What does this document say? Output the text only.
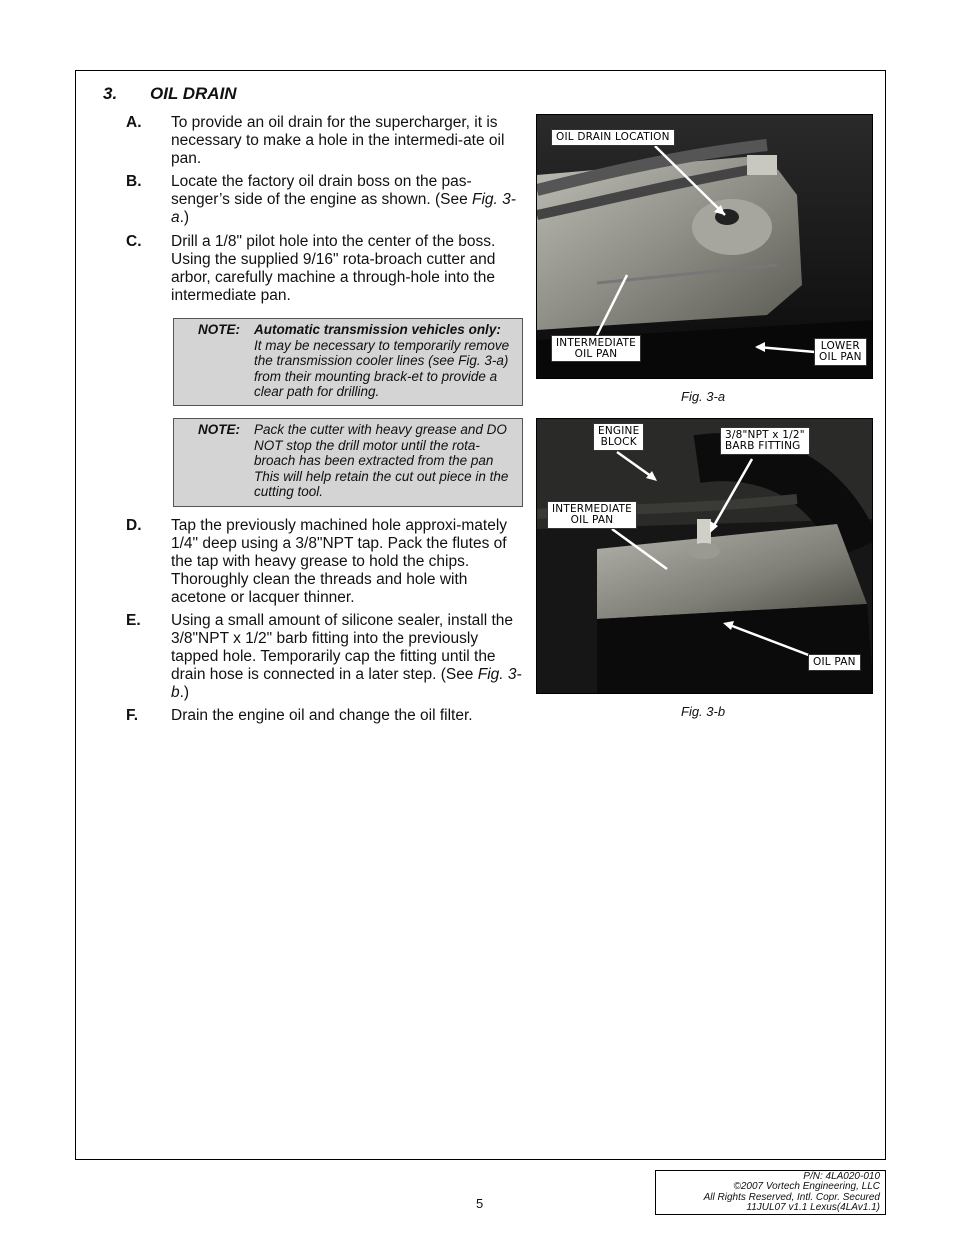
3. OIL DRAIN
A. To provide an oil drain for the supercharger, it is necessary to make a hole in the intermedi-ate oil pan.
B. Locate the factory oil drain boss on the pas-senger’s side of the engine as shown. (See Fig. 3-a.)
C. Drill a 1/8" pilot hole into the center of the boss. Using the supplied 9/16" rota-broach cutter and arbor, carefully machine a through-hole into the intermediate pan.
NOTE: Automatic transmission vehicles only:
It may be necessary to temporarily remove the transmission cooler lines (see Fig. 3-a) from their mounting brack-et to provide a clear path for drilling.
NOTE: Pack the cutter with heavy grease and DO NOT stop the drill motor until the rota-broach has been extracted from the pan This will help retain the cut out piece in the cutting tool.
D. Tap the previously machined hole approxi-mately 1/4" deep using a 3/8"NPT tap. Pack the flutes of the tap with heavy grease to hold the chips. Thoroughly clean the threads and hole with acetone or lacquer thinner.
E. Using a small amount of silicone sealer, install the 3/8"NPT x 1/2" barb fitting into the previously tapped hole. Temporarily cap the fitting until the drain hose is connected in a later step. (See Fig. 3-b.)
F. Drain the engine oil and change the oil filter.
OIL DRAIN LOCATION
INTERMEDIATE
OIL PAN
LOWER
OIL PAN
Fig. 3-a
ENGINE
BLOCK
3/8"NPT x 1/2"
BARB FITTING
INTERMEDIATE
OIL PAN
OIL PAN
Fig. 3-b
5
P/N: 4LA020-010
©2007 Vortech Engineering, LLC
All Rights Reserved, Intl. Copr. Secured
11JUL07 v1.1 Lexus(4LAv1.1)
